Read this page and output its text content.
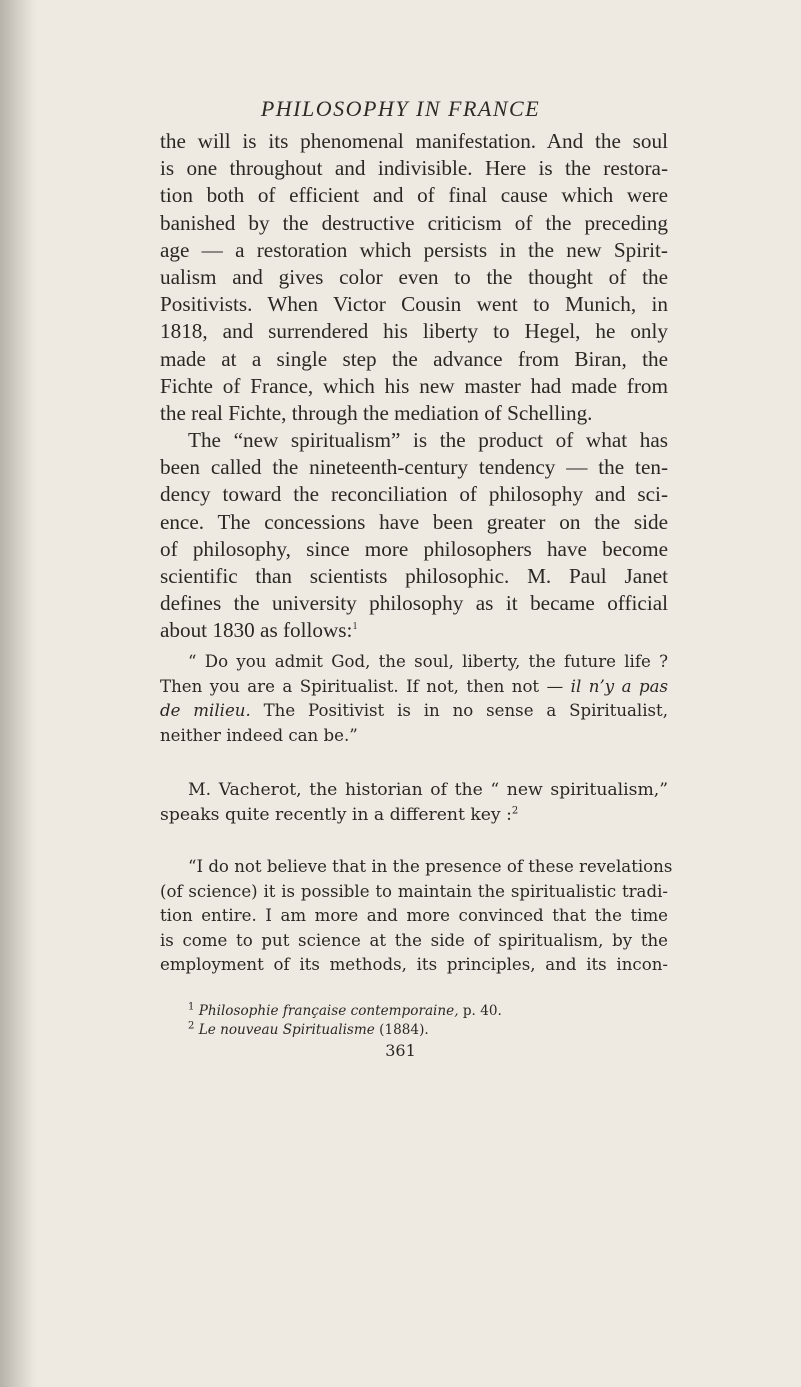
PHILOSOPHY IN FRANCE
the will is its phenomenal manifestation. And the soul
is one throughout and indivisible. Here is the restora-
tion both of efficient and of final cause which were
banished by the destructive criticism of the preceding
age — a restoration which persists in the new Spirit-
ualism and gives color even to the thought of the
Positivists. When Victor Cousin went to Munich, in
1818, and surrendered his liberty to Hegel, he only
made at a single step the advance from Biran, the
Fichte of France, which his new master had made from
the real Fichte, through the mediation of Schelling.
The “new spiritualism” is the product of what has
been called the nineteenth-century tendency — the ten-
dency toward the reconciliation of philosophy and sci-
ence. The concessions have been greater on the side
of philosophy, since more philosophers have become
scientific than scientists philosophic. M. Paul Janet
defines the university philosophy as it became official
about 1830 as follows:$^1$
“ Do you admit God, the soul, liberty, the future life ?
Then you are a Spiritualist. If not, then not — il n’y a pas
de milieu. The Positivist is in no sense a Spiritualist,
neither indeed can be.”
M. Vacherot, the historian of the “ new spiritualism,”
speaks quite recently in a different key :$^2$
“I do not believe that in the presence of these revelations
(of science) it is possible to maintain the spiritualistic tradi-
tion entire. I am more and more convinced that the time
is come to put science at the side of spiritualism, by the
employment of its methods, its principles, and its incon-
$^1$ Philosophie française contemporaine, p. 40.
$^2$ Le nouveau Spiritualisme (1884).
361
